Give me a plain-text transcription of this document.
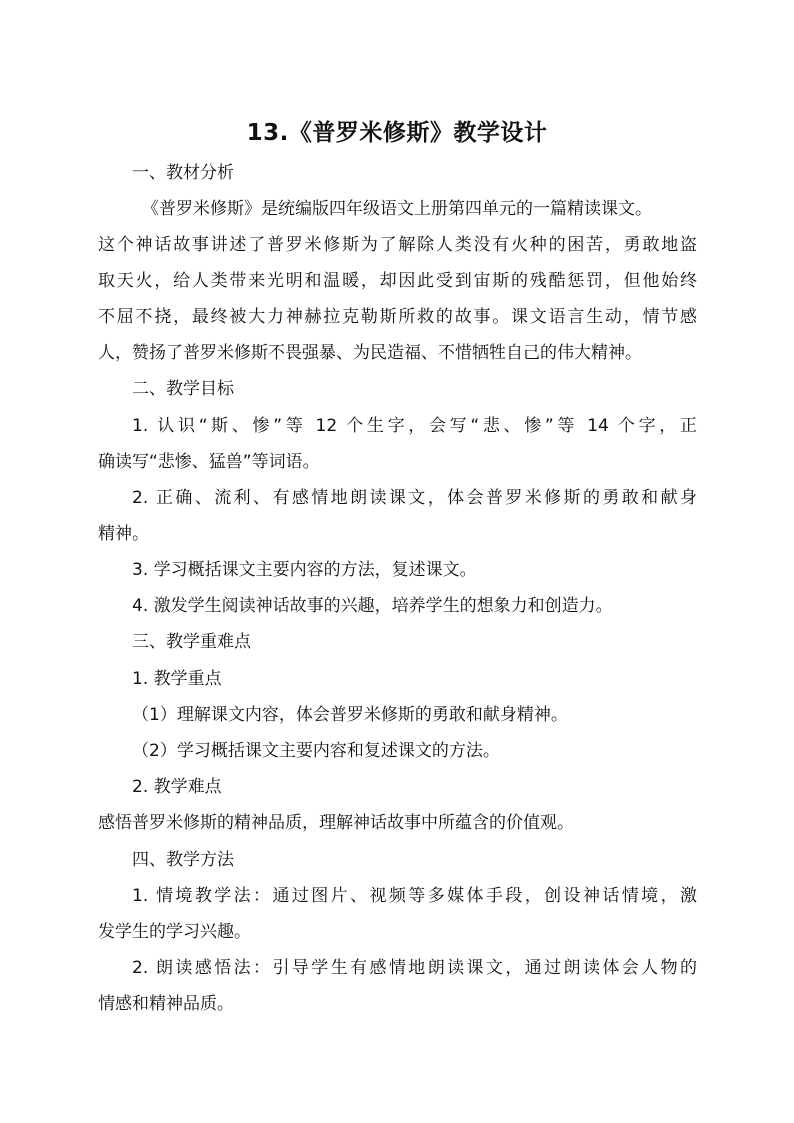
13.《普罗米修斯》教学设计
一、教材分析
《普罗米修斯》是统编版四年级语文上册第四单元的一篇精读课文。
这个神话故事讲述了普罗米修斯为了解除人类没有火种的困苦，勇敢地盗
取天火，给人类带来光明和温暖，却因此受到宙斯的残酷惩罚，但他始终
不屈不挠，最终被大力神赫拉克勒斯所救的故事。课文语言生动，情节感
人，赞扬了普罗米修斯不畏强暴、为民造福、不惜牺牲自己的伟大精神。
二、教学目标
1. 认识“斯、惨”等 12 个生字，会写“悲、惨”等 14 个字，正
确读写“悲惨、猛兽”等词语。
2. 正确、流利、有感情地朗读课文，体会普罗米修斯的勇敢和献身
精神。
3. 学习概括课文主要内容的方法，复述课文。
4. 激发学生阅读神话故事的兴趣，培养学生的想象力和创造力。
三、教学重难点
1. 教学重点
（1）理解课文内容，体会普罗米修斯的勇敢和献身精神。
（2）学习概括课文主要内容和复述课文的方法。
2. 教学难点
感悟普罗米修斯的精神品质，理解神话故事中所蕴含的价值观。
四、教学方法
1. 情境教学法：通过图片、视频等多媒体手段，创设神话情境，激
发学生的学习兴趣。
2. 朗读感悟法：引导学生有感情地朗读课文，通过朗读体会人物的
情感和精神品质。
